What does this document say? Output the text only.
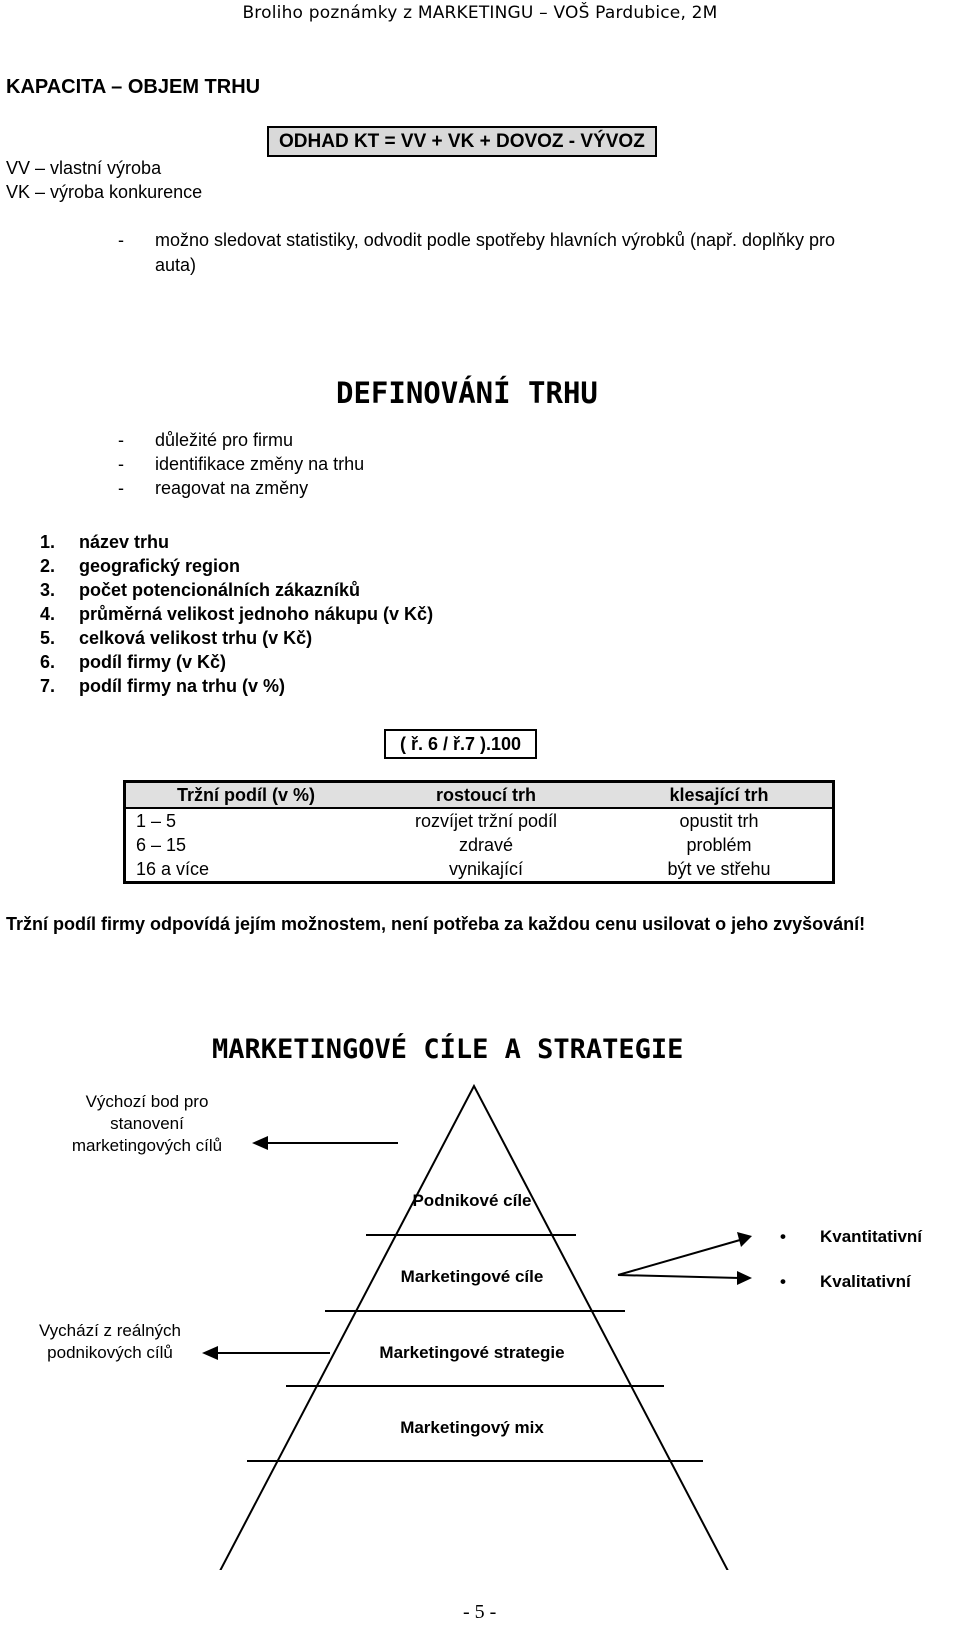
Broliho poznámky z MARKETINGU – VOŠ Pardubice, 2M
KAPACITA – OBJEM TRHU
ODHAD KT = VV + VK + DOVOZ - VÝVOZ
VV – vlastní výroba
VK – výroba konkurence
- možno sledovat statistiky, odvodit podle spotřeby hlavních výrobků (např. doplňky pro
auta)
DEFINOVÁNÍ TRHU
- důležité pro firmu
- identifikace změny na trhu
- reagovat na změny
1. název trhu
2. geografický region
3. počet potencionálních zákazníků
4. průměrná velikost jednoho nákupu (v Kč)
5. celková velikost trhu (v Kč)
6. podíl firmy (v Kč)
7. podíl firmy na trhu (v %)
( ř. 6 / ř.7 ).100
Tržní podíl (v %)	rostoucí trh	klesající trh
1 – 5	rozvíjet tržní podíl	opustit trh
6 – 15	zdravé	problém
16 a více	vynikající	být ve střehu
Tržní podíl firmy odpovídá jejím možnostem, není potřeba za každou cenu usilovat o jeho zvyšování!
MARKETINGOVÉ CÍLE A STRATEGIE
Podnikové cíle
Marketingové cíle
Marketingové strategie
Marketingový mix
Výchozí bod pro
stanovení
marketingových cílů
Vychází z reálných
podnikových cílů
• Kvantitativní
• Kvalitativní
- 5 -
